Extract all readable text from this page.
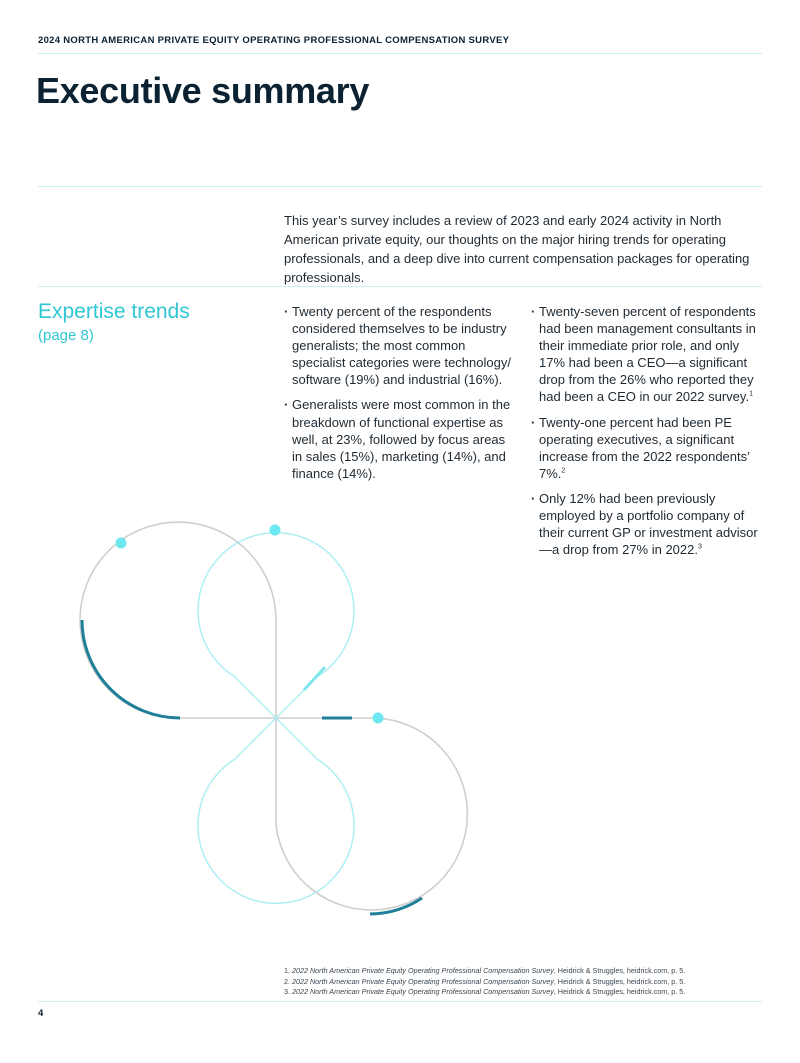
2024 NORTH AMERICAN PRIVATE EQUITY OPERATING PROFESSIONAL COMPENSATION SURVEY
Executive summary

This year’s survey includes a review of 2023 and early 2024 activity in North American private equity, our thoughts on the major hiring trends for operating professionals, and a deep dive into current compensation packages for operating professionals.

Expertise trends
(page 8)
· Twenty percent of the respondents considered themselves to be industry generalists; the most common specialist categories were technology/ software (19%) and industrial (16%).
· Generalists were most common in the breakdown of functional expertise as well, at 23%, followed by focus areas in sales (15%), marketing (14%), and finance (14%).
· Twenty-seven percent of respondents had been management consultants in their immediate prior role, and only 17% had been a CEO—a significant drop from the 26% who reported they had been a CEO in our 2022 survey.$^1$
· Twenty-one percent had been PE operating executives, a significant increase from the 2022 respondents’ 7%.$^2$
· Only 12% had been previously employed by a portfolio company of their current GP or investment advisor—a drop from 27% in 2022.$^3$
1. 2022 North American Private Equity Operating Professional Compensation Survey, Heidrick & Struggles, heidrick.com, p. 5.
2. 2022 North American Private Equity Operating Professional Compensation Survey, Heidrick & Struggles, heidrick.com, p. 5.
3. 2022 North American Private Equity Operating Professional Compensation Survey, Heidrick & Struggles, heidrick.com, p. 5.
4
